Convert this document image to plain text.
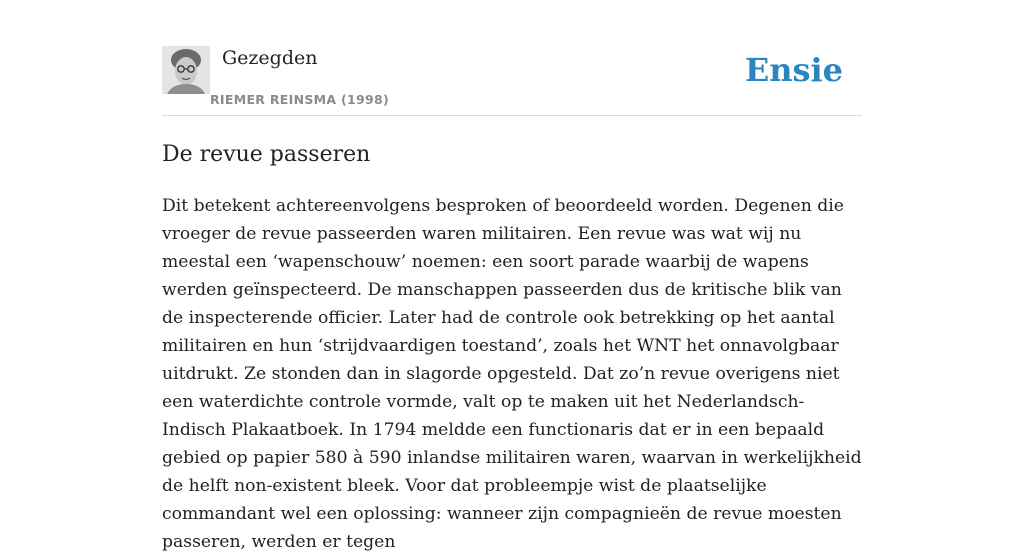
Gezegden
RIEMER REINSMA (1998)
Ensie
De revue passeren

Dit betekent achtereenvolgens besproken of beoordeeld worden. Degenen die vroeger de revue passeerden waren militairen. Een revue was wat wij nu meestal een ‘wapenschouw’ noemen: een soort parade waarbij de wapens werden geïnspecteerd. De manschappen passeerden dus de kritische blik van de inspecterende officier. Later had de controle ook betrekking op het aantal militairen en hun ‘strijdvaardigen toestand’, zoals het WNT het onnavolgbaar uitdrukt. Ze stonden dan in slagorde opgesteld. Dat zo’n revue overigens niet een waterdichte controle vormde, valt op te maken uit het Nederlandsch-Indisch Plakaatboek. In 1794 meldde een functionaris dat er in een bepaald gebied op papier 580 à 590 inlandse militairen waren, waarvan in werkelijkheid de helft non-existent bleek. Voor dat probleempje wist de plaatselijke commandant wel een oplossing: wanneer zijn compagnieën de revue moesten passeren, werden er tegen
